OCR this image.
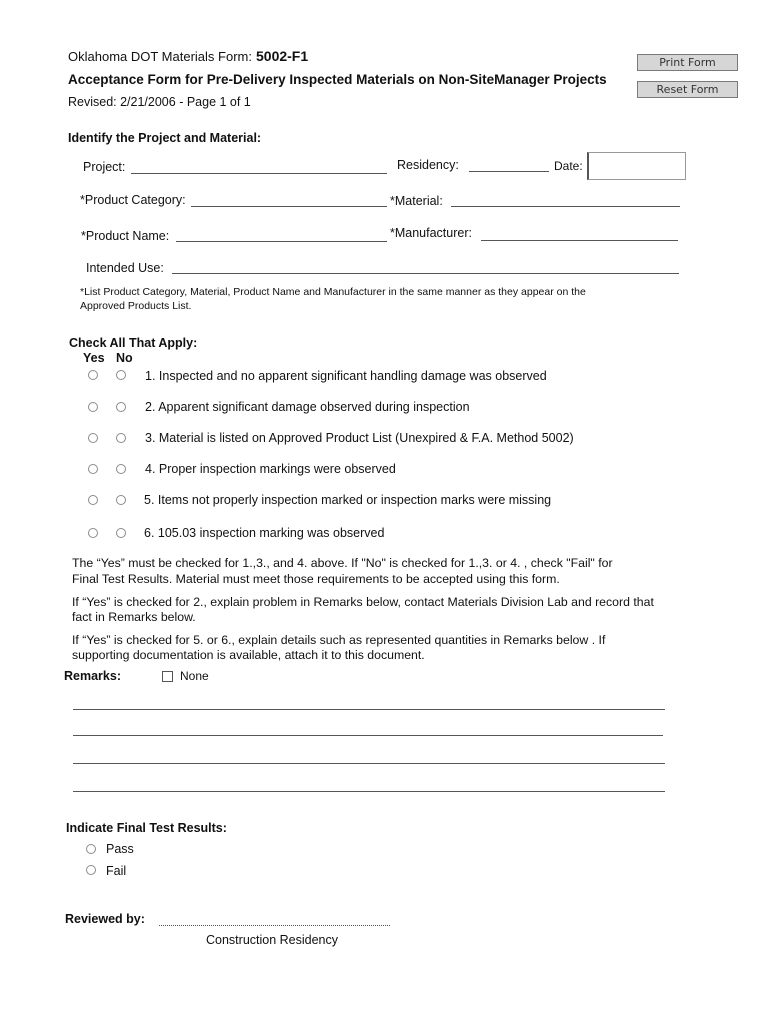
Oklahoma DOT Materials Form: 5002-F1
Acceptance Form for Pre-Delivery Inspected Materials on Non-SiteManager Projects
Revised: 2/21/2006 - Page 1 of 1
Print Form
Reset Form
Identify the Project and Material:
Project:	Residency:	Date:
*Product Category:	*Material:
*Product Name:	*Manufacturer:
Intended Use:
*List Product Category, Material, Product Name and Manufacturer in the same manner as they appear on the
Approved Products List.
Check All That Apply:
Yes No
1. Inspected and no apparent significant handling damage was observed
2. Apparent significant damage observed during inspection
3. Material is listed on Approved Product List (Unexpired & F.A. Method 5002)
4. Proper inspection markings were observed
5. Items not properly inspection marked or inspection marks were missing
6. 105.03 inspection marking was observed
The “Yes” must be checked for 1.,3., and 4. above. If "No" is checked for 1.,3. or 4. , check "Fail" for
Final Test Results. Material must meet those requirements to be accepted using this form.
If “Yes” is checked for 2., explain problem in Remarks below, contact Materials Division Lab and record that
fact in Remarks below.
If “Yes” is checked for 5. or 6., explain details such as represented quantities in Remarks below . If
supporting documentation is available, attach it to this document.
Remarks:	None
Indicate Final Test Results:
Pass
Fail
Reviewed by:
Construction Residency
